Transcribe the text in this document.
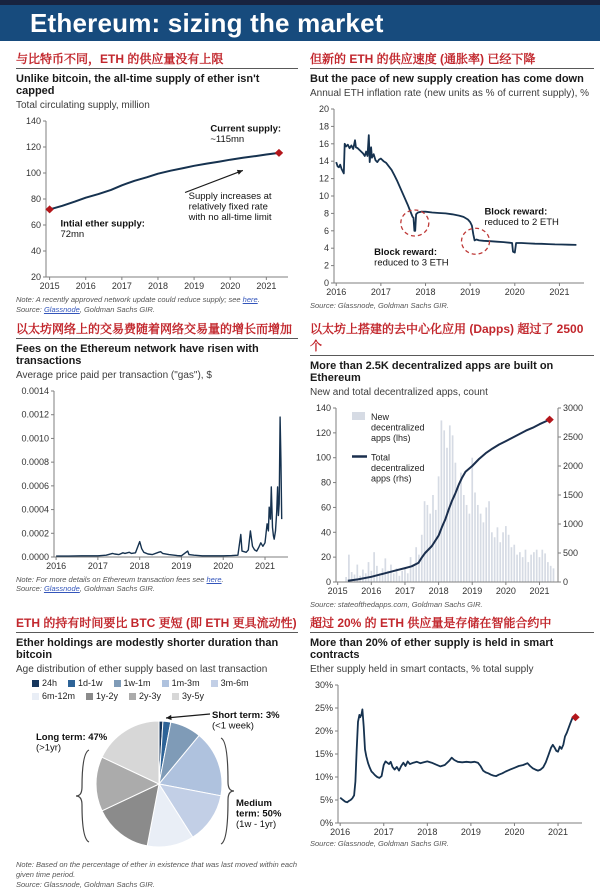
Ethereum: sizing the market
与比特币不同，ETH 的供应量没有上限
Unlike bitcoin, the all-time supply of ether isn't capped
Total circulating supply, million
20
40
60
80
100
120
140
2015 2016 2017 2018 2019 2020 2021
Intial ether supply:
72mn
Current supply:
~115mn
Supply increases at
relatively fixed rate
with no all-time limit
Note: A recently approved network update could reduce supply; see here.
Source: Glassnode, Goldman Sachs GIR.
但新的 ETH 的供应速度 (通胀率) 已经下降
But the pace of new supply creation has come down
Annual ETH inflation rate (new units as % of current supply), %
0
2
4
6
8
10
12
14
16
18
20
2016	2017	2018	2019	2020	2021
Block reward:
reduced to 3 ETH
Block reward:
reduced to 2 ETH
Source: Glassnode, Goldman Sachs GIR.
以太坊网络上的交易费随着网络交易量的增长而增加
Fees on the Ethereum network have risen with transactions
Average price paid per transaction ("gas"), $
0.0000
0.0002
0.0004
0.0006
0.0008
0.0010
0.0012
0.0014
2016 2017 2018 2019 2020 2021
Note: For more details on Ethereum transaction fees see here.
Source: Glassnode, Goldman Sachs GIR.
以太坊上搭建的去中心化应用 (Dapps) 超过了 2500 个
More than 2.5K decentralized apps are built on Ethereum
New and total decentralized apps, count
0
20
40
60
80
100
120
140
2015 2016 2017 2018 2019 2020 2021
0
500
1000
1500
2000
2500
3000
New
decentralized
apps (lhs)
Total
decentralized
apps (rhs)
Source: stateofthedapps.com, Goldman Sachs GIR.
ETH 的持有时间要比 BTC 更短 (即 ETH 更具流动性)
Ether holdings are modestly shorter duration than bitcoin
Age distribution of ether supply based on last transaction
24h 1d-1w 1w-1m 1m-3m 3m-6m
6m-12m 1y-2y 2y-3y 3y-5y
Short term: 3%
(<1 week)
Long term: 47%
(>1yr)
Medium
term: 50%
(1w - 1yr)
Note: Based on the percentage of ether in existence that was last moved within each given time period.
Source: Glassnode, Goldman Sachs GIR.
超过 20% 的 ETH 供应量是存储在智能合约中
More than 20% of ether supply is held in smart contracts
Ether supply held in smart contacts, % total supply
0%
5%
10%
15%
20%
25%
30%
2016	2017	2018	2019	2020	2021
Source: Glassnode, Goldman Sachs GIR.
